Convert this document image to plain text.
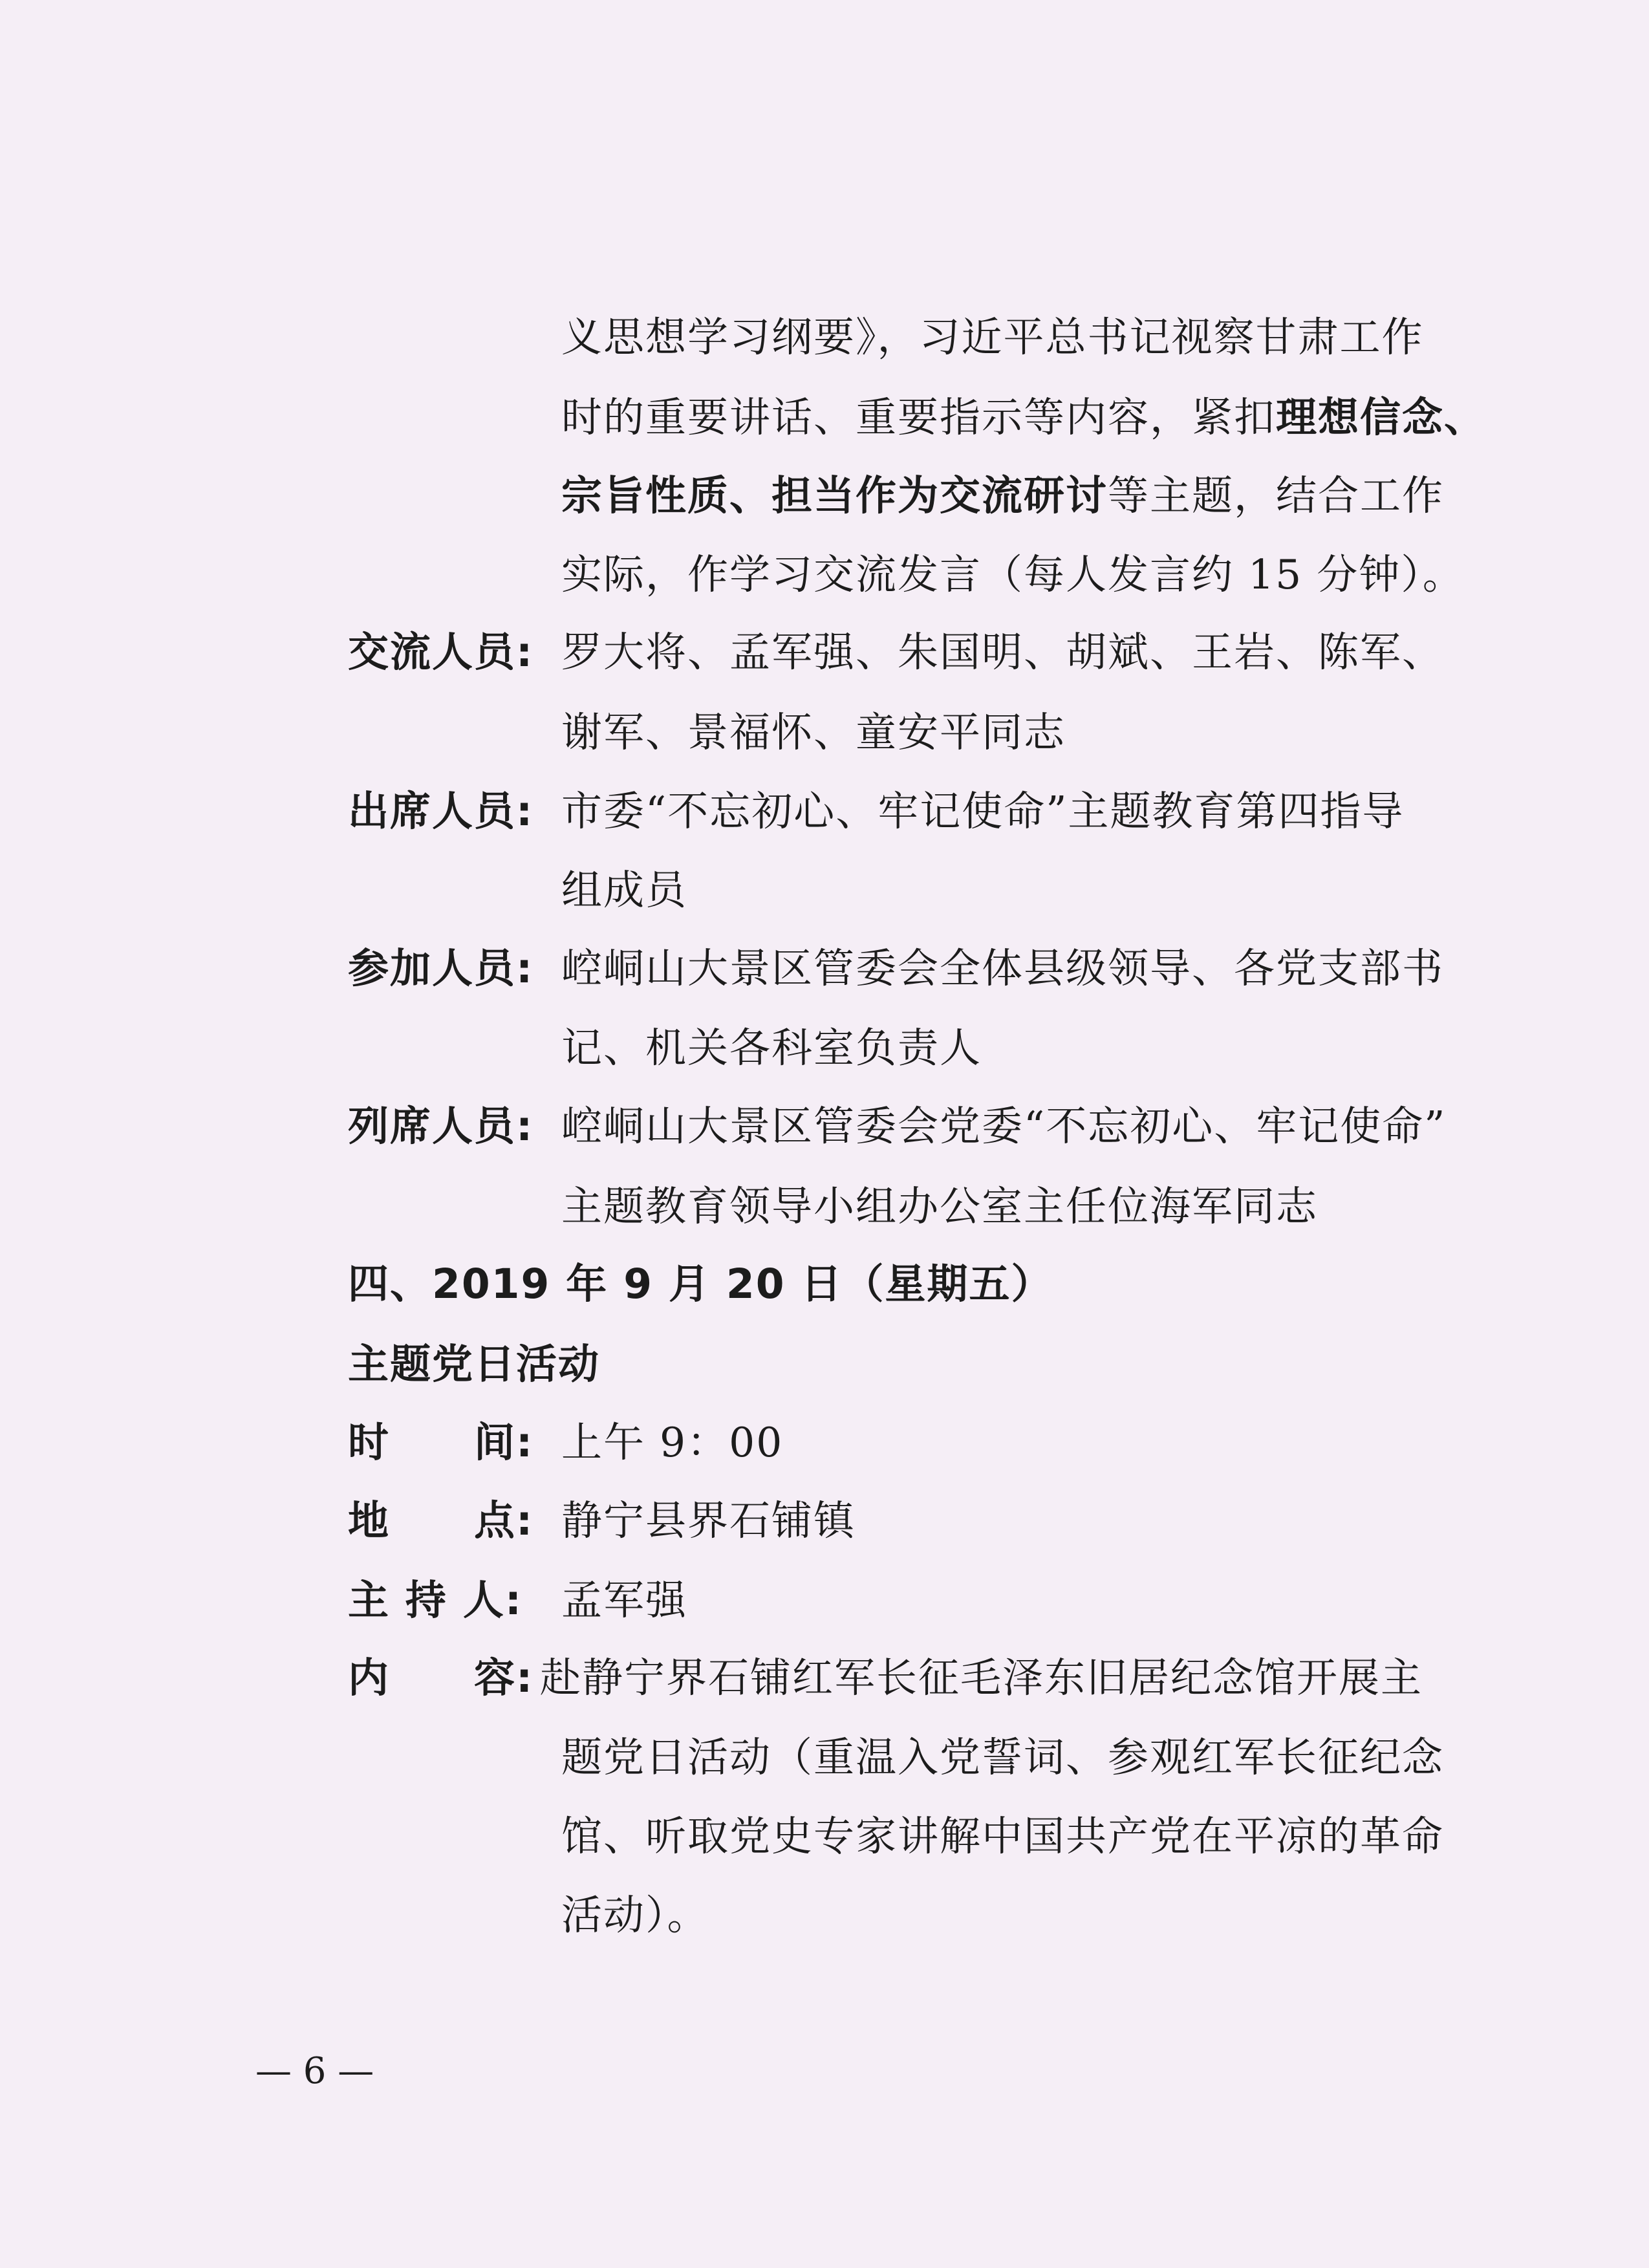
义思想学习纲要》，习近平总书记视察甘肃工作
时的重要讲话、重要指示等内容，紧扣理想信念、
宗旨性质、担当作为交流研讨等主题，结合工作
实际，作学习交流发言（每人发言约 15 分钟）。
交流人员: 罗大将、孟军强、朱国明、胡斌、王岩、陈军、
谢军、景福怀、童安平同志
出席人员: 市委“不忘初心、牢记使命”主题教育第四指导
组成员
参加人员: 崆峒山大景区管委会全体县级领导、各党支部书
记、机关各科室负责人
列席人员: 崆峒山大景区管委会党委“不忘初心、牢记使命”
主题教育领导小组办公室主任位海军同志
四、2019 年 9 月 20 日（星期五）
主题党日活动
时　　间: 上午 9：00
地　　点: 静宁县界石铺镇
主 持 人: 孟军强
内　　容: 赴静宁界石铺红军长征毛泽东旧居纪念馆开展主
题党日活动（重温入党誓词、参观红军长征纪念
馆、听取党史专家讲解中国共产党在平凉的革命
活动）。
— 6 —
